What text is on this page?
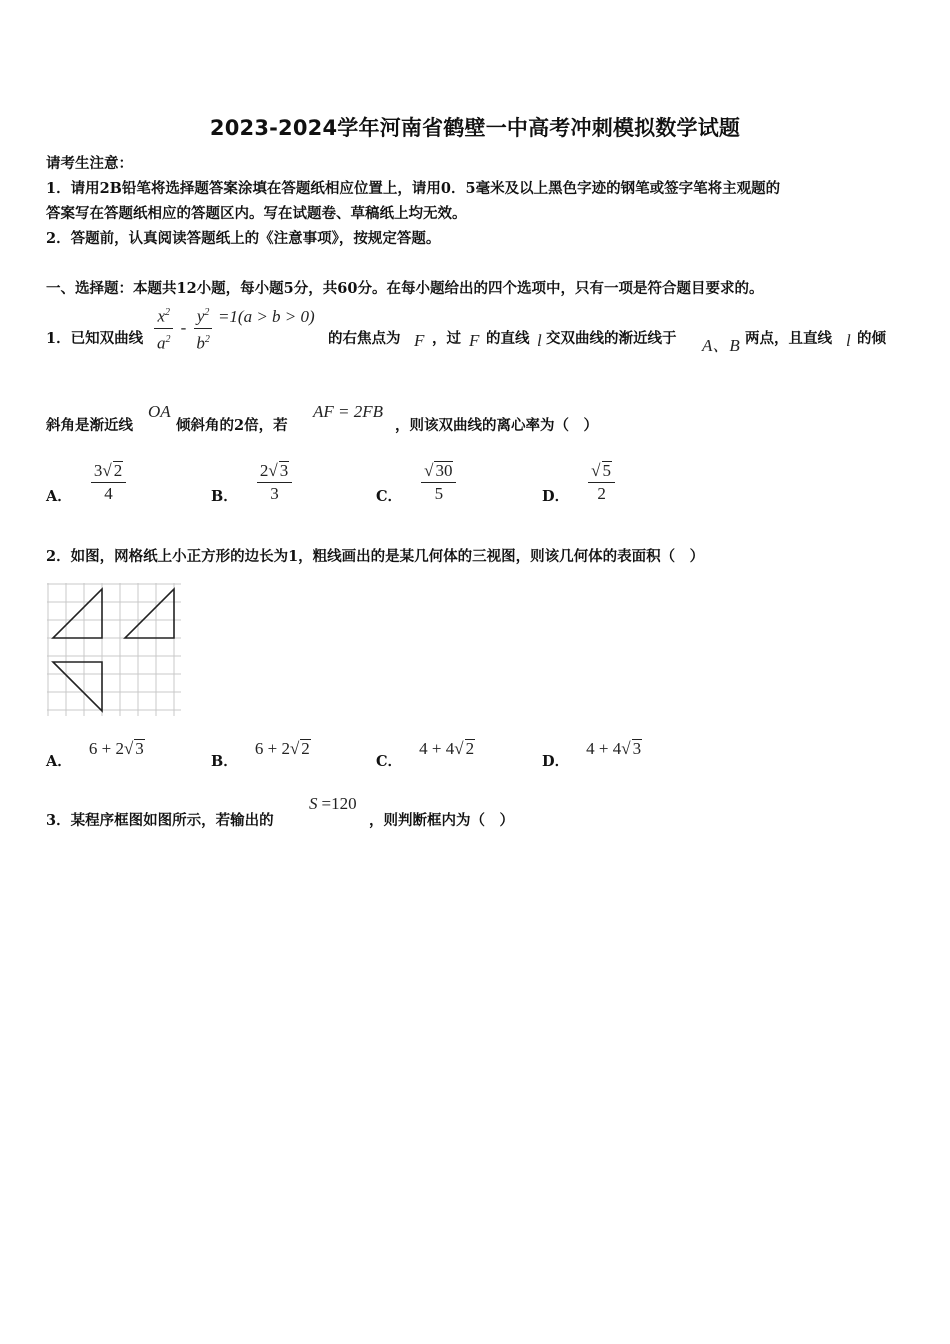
2023-2024学年河南省鹤壁一中高考冲刺模拟数学试题
请考生注意：
1．请用2B铅笔将选择题答案涂填在答题纸相应位置上，请用0．5毫米及以上黑色字迹的钢笔或签字笔将主观题的
答案写在答题纸相应的答题区内。写在试题卷、草稿纸上均无效。
2．答题前，认真阅读答题纸上的《注意事项》，按规定答题。
一、选择题：本题共12小题，每小题5分，共60分。在每小题给出的四个选项中，只有一项是符合题目要求的。
1．已知双曲线 $\frac{x^2}{a^2} - \frac{y^2}{b^2} =1(a > b > 0)$
的右焦点为 F ，过 F 的直线 l 交双曲线的渐近线于 A、B 两点，且直线 l 的倾
斜角是渐近线
OA
倾斜角的2倍，若
AF = 2FB
，则该双曲线的离心率为（　）
A． $\frac{3√ 2}{4}$	B． $\frac{2√ 3}{3}$	C． $\frac{√ 30}{5}$	D． $\frac{√ 5}{2}$
2．如图，网格纸上小正方形的边长为1，粗线画出的是某几何体的三视图，则该几何体的表面积（　）
A． 6 + 2√ 3
B． 6 + 2√ 2
C． 4 + 4√ 2
D． 4 + 4√ 3
3．某程序框图如图所示，若输出的
S =120
，则判断框内为（　）
